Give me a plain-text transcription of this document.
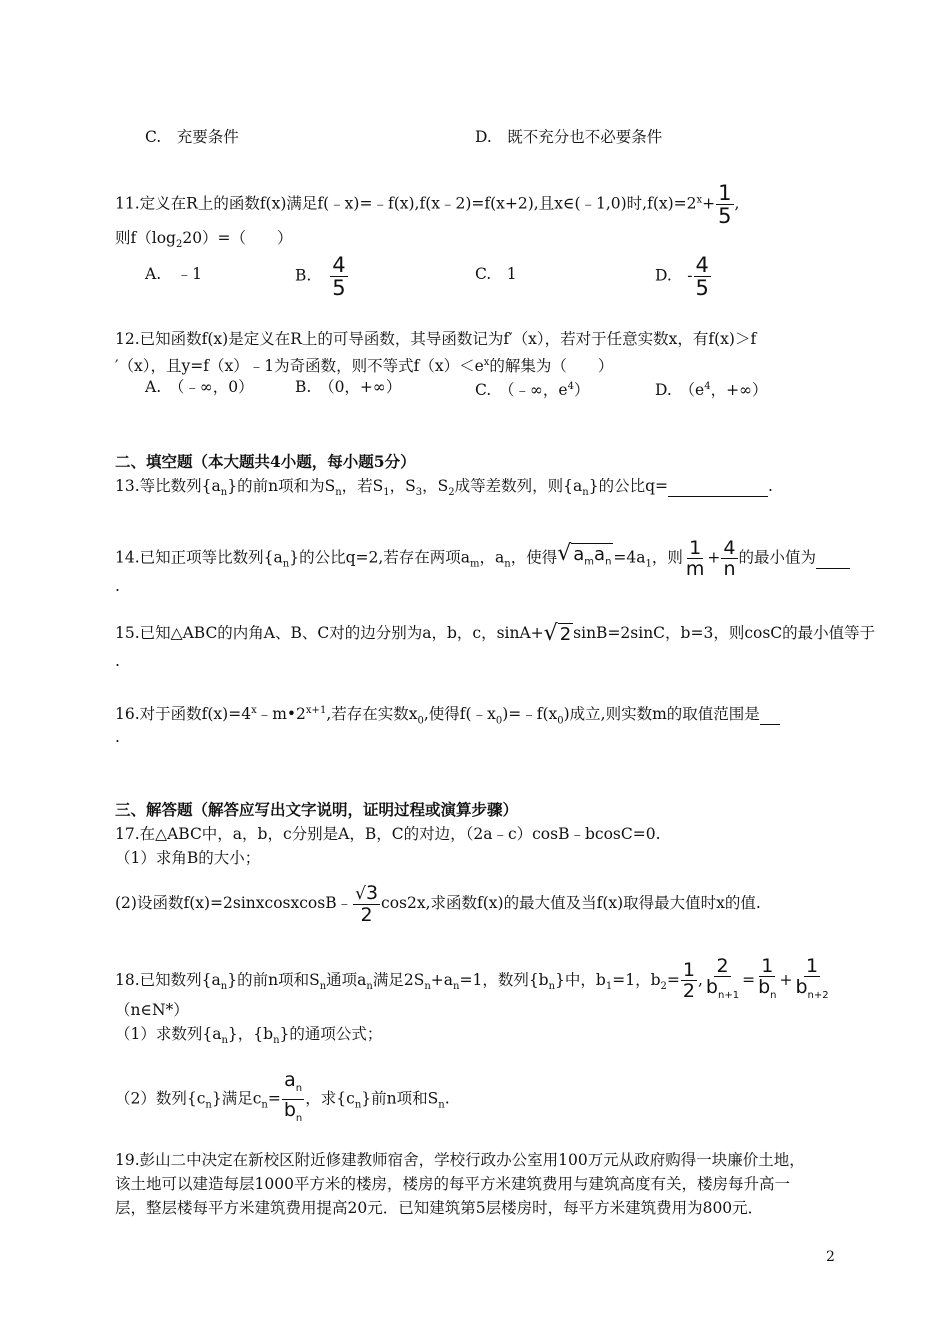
C.　充要条件	D.　既不充分也不必要条件
11.定义在R上的函数f(x)满足f(﹣x)=﹣f(x),f(x﹣2)=f(x+2),且x∈(﹣1,0)时$,f(x)=2^x+ \frac{1}{5}$ ,
则$f(\log_220)=$（　　）
A.　﹣1	B. $\frac{4}{5}$	C.　1	D.　- $\frac{4}{5}$
12.已知函数f(x)是定义在R上的可导函数，其导函数记为f′（x），若对于任意实数x，有f(x)＞f
′（x），且y=f（x）﹣1为奇函数，则不等式$f(x)<e^x$的解集为（　　）
A.　（﹣∞，0）	B.　（0，+∞）	C.　（﹣∞，$e^4$）	D.　（$e^4$，+∞）
二、填空题（本大题共4小题，每小题5分）
13.等比数列$\{a_n\}$的前n项和为$S_n$，若$S_1$，$S_3$，$S_2$成等差数列，则$\{a_n\}$的公比q=	.
14.已知正项等比数列$\{a_n\}$的公比q=2,若存在两项$a_m$，$a_n$，使得√ $a_ma_n =4a_1$，则 $\frac{1}{m} + \frac{4}{n}$ 的最小值为
.
15.已知△ABC的内角A、B、C对的边分别为a，b，c，sinA+√ 2 sinB=2sinC，b=3，则cosC的最小值等于
.
16.对于函数$f(x)=4^x﹣m•2^{x+1}$,若存在实数$x_0$,使得$f(﹣x_0)=﹣f(x_0)$成立,则实数m的取值范围是
.
三、解答题（解答应写出文字说明，证明过程或演算步骤）
17.在△ABC中，a，b，c分别是A，B，C的对边，（2a﹣c）cosB﹣bcosC=0.
（1）求角B的大小；
(2)设函数f(x)=2sinxcosxcosB﹣ $\frac{√3}{2} \cos 2x$,求函数f(x)的最大值及当f(x)取得最大值时x的值.
18.已知数列$\{a_n\}$的前n项和$S_n$通项$a_n$满足$2S_n+a_n=1$，数列$\{b_n\}$中，$b_1=1$，$b_2= \frac{1}{2}$ , $\frac{2}{b_{n+1}} = \frac{1}{b_n} + \frac{1}{b_{n+2}}$
（n∈N*）
（1）求数列$\{a_n\}$，$\{b_n\}$的通项公式；
（2）数列$\{c_n\}$满足$c_n= \frac{a_n}{b_n}$ ，求$\{c_n\}$前n项和$S_n$.
19.彭山二中决定在新校区附近修建教师宿舍，学校行政办公室用100万元从政府购得一块廉价土地，
该土地可以建造每层1000平方米的楼房，楼房的每平方米建筑费用与建筑高度有关，楼房每升高一
层，整层楼每平方米建筑费用提高20元．已知建筑第5层楼房时，每平方米建筑费用为800元．
2
